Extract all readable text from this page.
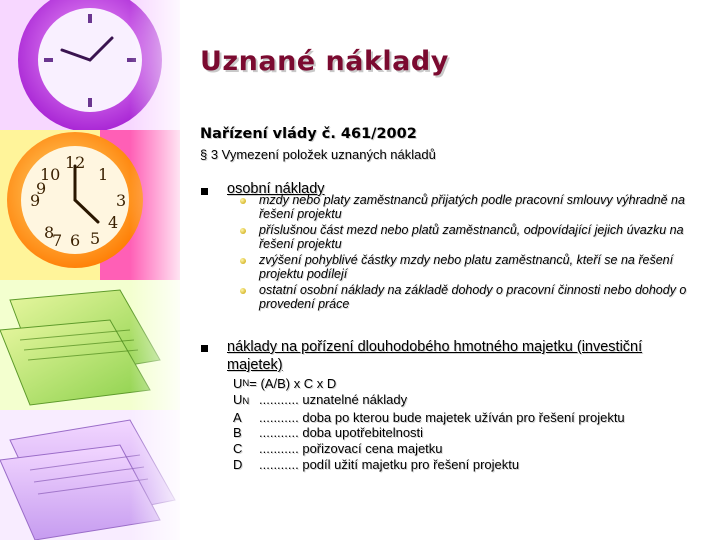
12
3
6
9
1
4
10
8
7 5
9
Uznané náklady
Nařízení vlády č. 461/2002
§ 3 Vymezení položek uznaných nákladů
osobní náklady
mzdy nebo platy zaměstnanců přijatých podle pracovní smlouvy výhradně na řešení projektu
příslušnou část mezd nebo platů zaměstnanců, odpovídající jejich úvazku na řešení projektu
zvýšení pohyblivé částky mzdy nebo platu zaměstnanců, kteří se na řešení projektu podílejí
ostatní osobní náklady na základě dohody o pracovní činnosti nebo dohody o provedení práce
náklady na pořízení dlouhodobého hmotného majetku (investiční majetek)
U N = (A/B) x C x D
UN ........... uznatelné náklady
A	........... doba po kterou bude majetek užíván pro řešení projektu
B	........... doba upotřebitelnosti
C	........... pořizovací cena majetku
D	........... podíl užití majetku pro řešení projektu
